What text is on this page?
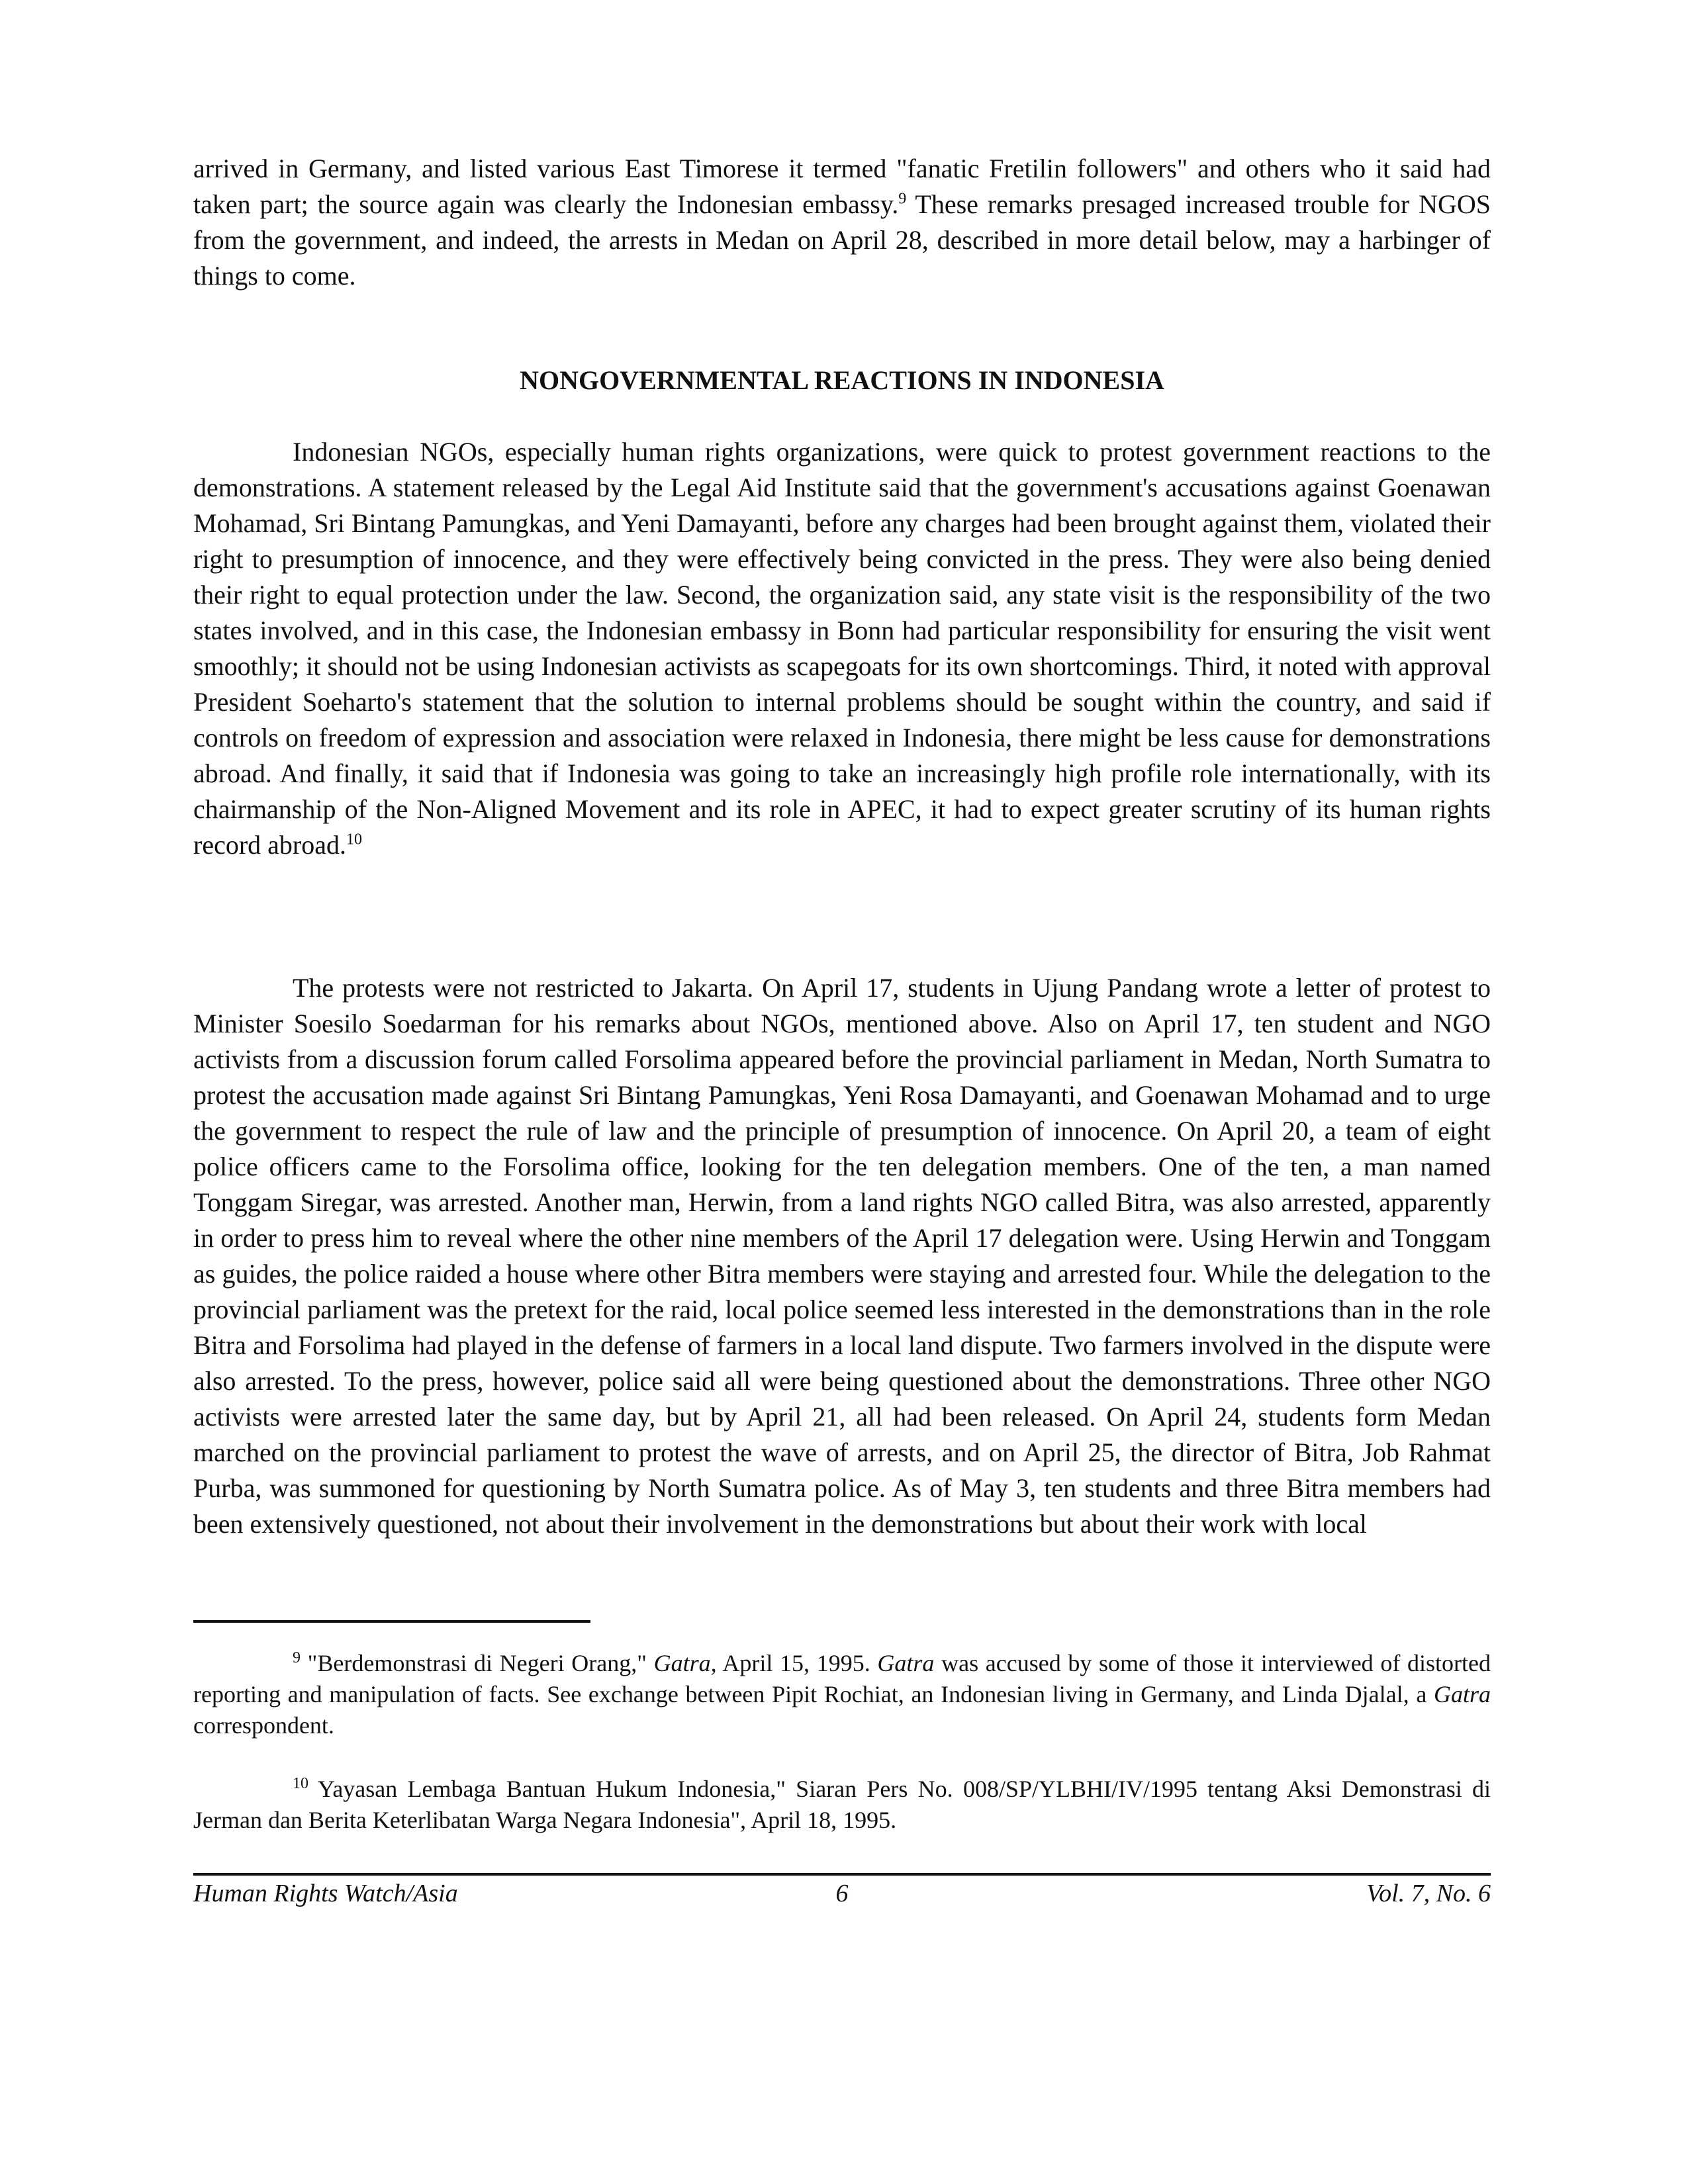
arrived in Germany, and listed various East Timorese it termed "fanatic Fretilin followers" and others who it said had taken part; the source again was clearly the Indonesian embassy.$^9$ These remarks presaged increased trouble for NGOS from the government, and indeed, the arrests in Medan on April 28, described in more detail below, may a harbinger of things to come.

NONGOVERNMENTAL REACTIONS IN INDONESIA

Indonesian NGOs, especially human rights organizations, were quick to protest government reactions to the demonstrations. A statement released by the Legal Aid Institute said that the government's accusations against Goenawan Mohamad, Sri Bintang Pamungkas, and Yeni Damayanti, before any charges had been brought against them, violated their right to presumption of innocence, and they were effectively being convicted in the press. They were also being denied their right to equal protection under the law. Second, the organization said, any state visit is the responsibility of the two states involved, and in this case, the Indonesian embassy in Bonn had particular responsibility for ensuring the visit went smoothly; it should not be using Indonesian activists as scapegoats for its own shortcomings. Third, it noted with approval President Soeharto's statement that the solution to internal problems should be sought within the country, and said if controls on freedom of expression and association were relaxed in Indonesia, there might be less cause for demonstrations abroad. And finally, it said that if Indonesia was going to take an increasingly high profile role internationally, with its chairmanship of the Non-Aligned Movement and its role in APEC, it had to expect greater scrutiny of its human rights record abroad.$^{10}$

The protests were not restricted to Jakarta. On April 17, students in Ujung Pandang wrote a letter of protest to Minister Soesilo Soedarman for his remarks about NGOs, mentioned above. Also on April 17, ten student and NGO activists from a discussion forum called Forsolima appeared before the provincial parliament in Medan, North Sumatra to protest the accusation made against Sri Bintang Pamungkas, Yeni Rosa Damayanti, and Goenawan Mohamad and to urge the government to respect the rule of law and the principle of presumption of innocence. On April 20, a team of eight police officers came to the Forsolima office, looking for the ten delegation members. One of the ten, a man named Tonggam Siregar, was arrested. Another man, Herwin, from a land rights NGO called Bitra, was also arrested, apparently in order to press him to reveal where the other nine members of the April 17 delegation were. Using Herwin and Tonggam as guides, the police raided a house where other Bitra members were staying and arrested four. While the delegation to the provincial parliament was the pretext for the raid, local police seemed less interested in the demonstrations than in the role Bitra and Forsolima had played in the defense of farmers in a local land dispute. Two farmers involved in the dispute were also arrested. To the press, however, police said all were being questioned about the demonstrations. Three other NGO activists were arrested later the same day, but by April 21, all had been released. On April 24, students form Medan marched on the provincial parliament to protest the wave of arrests, and on April 25, the director of Bitra, Job Rahmat Purba, was summoned for questioning by North Sumatra police. As of May 3, ten students and three Bitra members had been extensively questioned, not about their involvement in the demonstrations but about their work with local

$^9$ "Berdemonstrasi di Negeri Orang," Gatra, April 15, 1995. Gatra was accused by some of those it interviewed of distorted reporting and manipulation of facts. See exchange between Pipit Rochiat, an Indonesian living in Germany, and Linda Djalal, a Gatra correspondent.

$^{10}$ Yayasan Lembaga Bantuan Hukum Indonesia," Siaran Pers No. 008/SP/YLBHI/IV/1995 tentang Aksi Demonstrasi di Jerman dan Berita Keterlibatan Warga Negara Indonesia", April 18, 1995.

Human Rights Watch/Asia	6	Vol. 7, No. 6
